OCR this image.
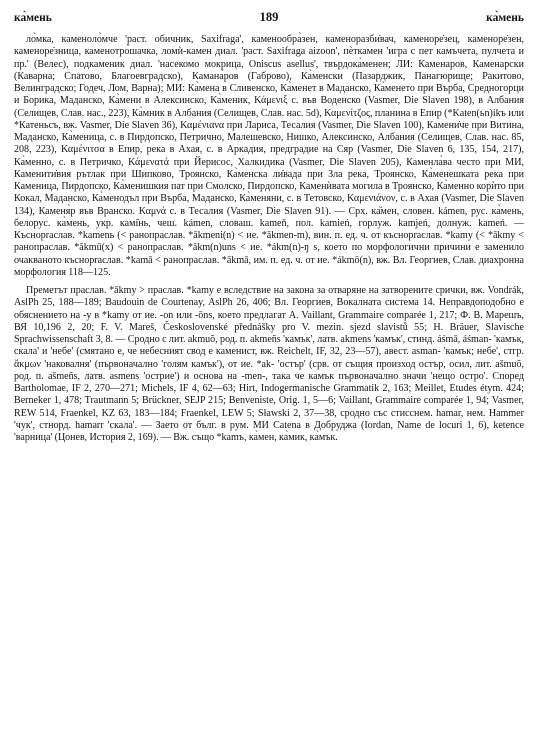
ка̀мень	189	ка̀мень

ло̀мка, каменоло̀мче 'раст. обичник, Saxifraga', каменообра̀зен, каменоразби̇вач, каменоре̇зец, каменоре̇зен, каменоре̇зница, каменотро̀шачка, ломѝ-камен диал. 'раст. Saxifraga aizoon', пѐткамен 'игра с пет камъчета, пулчета и пр.' (Велес), подкаменик диал. 'насекомо мокрица, Oniscus asellus', твърдока̀менен; ЛИ: Каменаров, Каменарски (Каварна; Спатово, Благоевградско), Камана̀ров (Габрово), Ка̀менски (Пазарджик, Панагюрище; Ракитово, Велинградско; Годеч, Лом, Варна); МИ: Ка̀мена в Сливенско, Ка̀менет в Маданско, Ка̀менето при Върба, Средногорци и Борика, Маданско, Ка̀мени в Алексинско, Ка̀меник, Κάμενιξ с. във Воденско (Vasmer, Die Slaven 198), в Албания (Селищев, Слав. нас., 223), Ка̀мник в Албания (Селищев, Слав. нас. 5d), Καμενίτζος, планина в Епир (*Katen(ьn)ikъ или *Катеньсъ, вж. Vasmer, Die Slaven 36), Καμένιανα при Лариса, Тесалия (Vasmer, Die Slaven 100), Камени̇че при Витина, Маданско, Ка̀меница, с. в Пирдопско, Петрично, Малешевско, Нишко, Алексинско, Албания (Селищев, Слав. нас. 85, 208, 223), Καμένιτσα в Епир, река в Ахая, с. в Аркадия, предградие на Сяр (Vasmer, Die Slaven 6, 135, 154, 217), Ка̀менно, с. в Петричко, Κάμενατά при Йерисос, Халкидика (Vasmer, Die Slaven 205), Каменла̀ва често при МИ, Каменити̇вия рътлак при Шипково, Троянско, Ка̀менска ли̇вада при Зла река, Троянско, Ка̀менешката река при Каменица, Пирдопско, Ка̀менишкия пат при Смолско, Пирдопско, Каменѝвата могила в Троянско, Ка̀менно корѝто при Кокал, Маданско, Ка̀менодъл при Върба, Маданско, Ка̀меняни, с. в Тетовско, Καμενιάνον, с. в Ахая (Vasmer, Die Slaven 134), Каменя̀р във Вранско. Καμνά с. в Тесалия (Vasmer, Die Slaven 91). — Срх. ка̏мен, словен. kámen, рус. ка̀мень, белорус. ка̀мень, укр. камі̇нь, чеш. kámen, словаш. kameň, пол. kamień, горлуж. kamjeń, долнуж. kameń. — Късноpraслав. *kamenь (< ранопраслав. *ākmeni(n) < ие. *ākmen-m), вин. п. ед. ч. от късноpraслав. *kamy (< *ākmy < ранопраслав. *ākmū(x) < ранопраслав. *ākm(n)uns < ие. *ákm(n)-ŋ s, което по морфологични причини е заменило очакваното късноpraслав. *kamā < ранопраслав. *ākmā, им. п. ед. ч. от ие. *ákmō(n), вж. Вл. Георгиев, Слав. диахронна морфология 118—125.

Преметът праслав. *ākmy > праслав. *kamy е вследствие на закона за отваряне на затворените срички, вж. Vondrák, AslPh 25, 188—189; Baudouin de Courtenay, AslPh 26, 406; Вл. Георгиев, Вокалната система 14. Неправдоподобно е обяснението на -у в *kamy от ие. -on или -ōns, което предлагат A. Vaillant, Grammaire comparée 1, 217; Ф. В. Марешъ, ВЯ 10,196 2, 20; F. V. Mareš, Československé přednášky pro V. mezin. sjezd slavistů 55; H. Bräuer, Slavische Sprachwissenschaft 3, 8. — Сродно с лит. akmuõ, род. п. akmeñs 'камък', латв. akmens 'камък', стинд. áśmā, áśman- 'камък, скала' и 'небе' (смятано е, че небесният свод е каменист, вж. Reichelt, IF, 32, 23—57), авест. asman- 'камък; небе', стгр. ἄκμων 'наковалня' (първоначално 'голям камък'), от ие. *ak- 'остър' (срв. от същия произход остър, осил, лит. ašmuõ, род. п. ašmeñs, латв. asmens 'острие') и основа на -men-, така че камък първоначално значи 'нещо остро'. Според Bartholomae, IF 2, 270—271; Michels, IF 4, 62—63; Hirt, Indogermanische Grammatik 2, 163; Meillet, Etudes étym. 424; Berneker 1, 478; Trautmann 5; Brückner, SEJP 215; Benveniste, Orig. 1, 5—6; Vaillant, Grammaire comparée 1, 94; Vasmer, REW 514, Fraenkel, KZ 63, 183—184; Fraenkel, LEW 5; Sławski 2, 37—38, сродно със стисcнем. hamar, нем. Hammer 'чук', стнорд. hamarr 'скала'. — Заето от бълг. в рум. МИ Catena в Добруджа (Iordan, Name de locuri 1, 6), kеtence 'варница' (Цонев, История 2, 169). — Вж. също *kamъ, ка̀мен, ка̀мик, ка̀мък.
